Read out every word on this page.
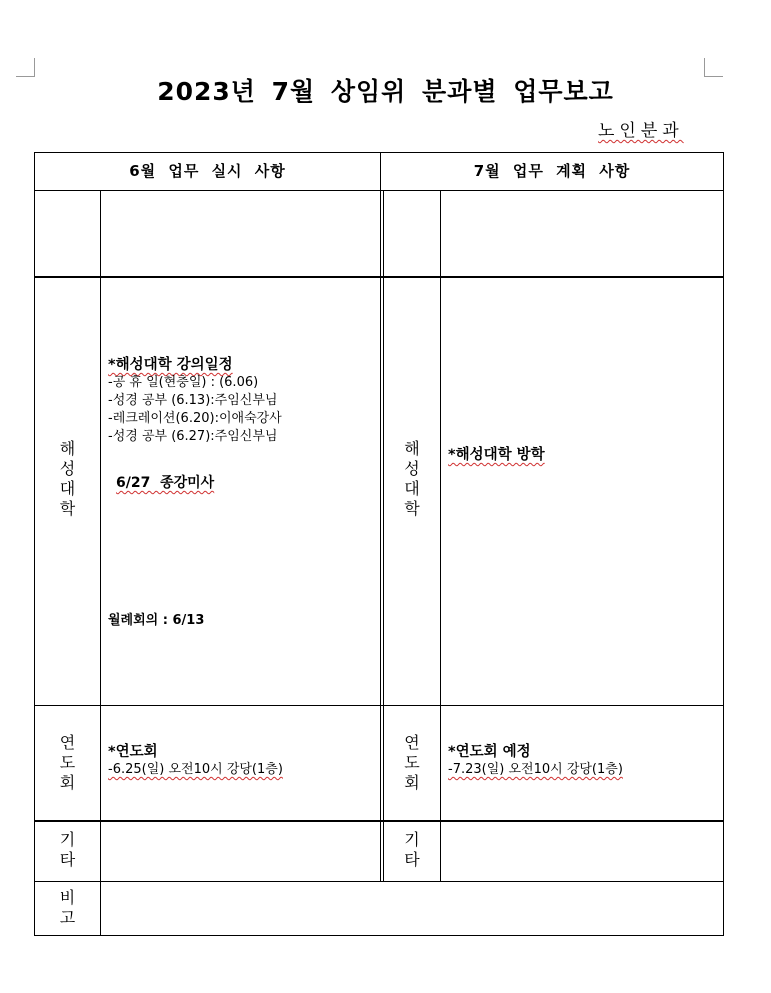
2023년 7월 상임위 분과별 업무보고
노인분과
6월 업무 실시 사항	7월 업무 계획 사항
해
성
대
학
해
성
대
학
*해성대학 강의일정
-공 휴 일(현충일) : (6.06)
-성경 공부 (6.13):주임신부님
-레크레이션(6.20):이애숙강사
-성경 공부 (6.27):주임신부님
6/27  종강미사
월례회의 : 6/13
*해성대학 방학
연
도
회
연
도
회
*연도회
-6.25(일) 오전10시 강당(1층)
*연도회 예정
-7.23(일) 오전10시 강당(1층)
기
타
기
타
비
고
